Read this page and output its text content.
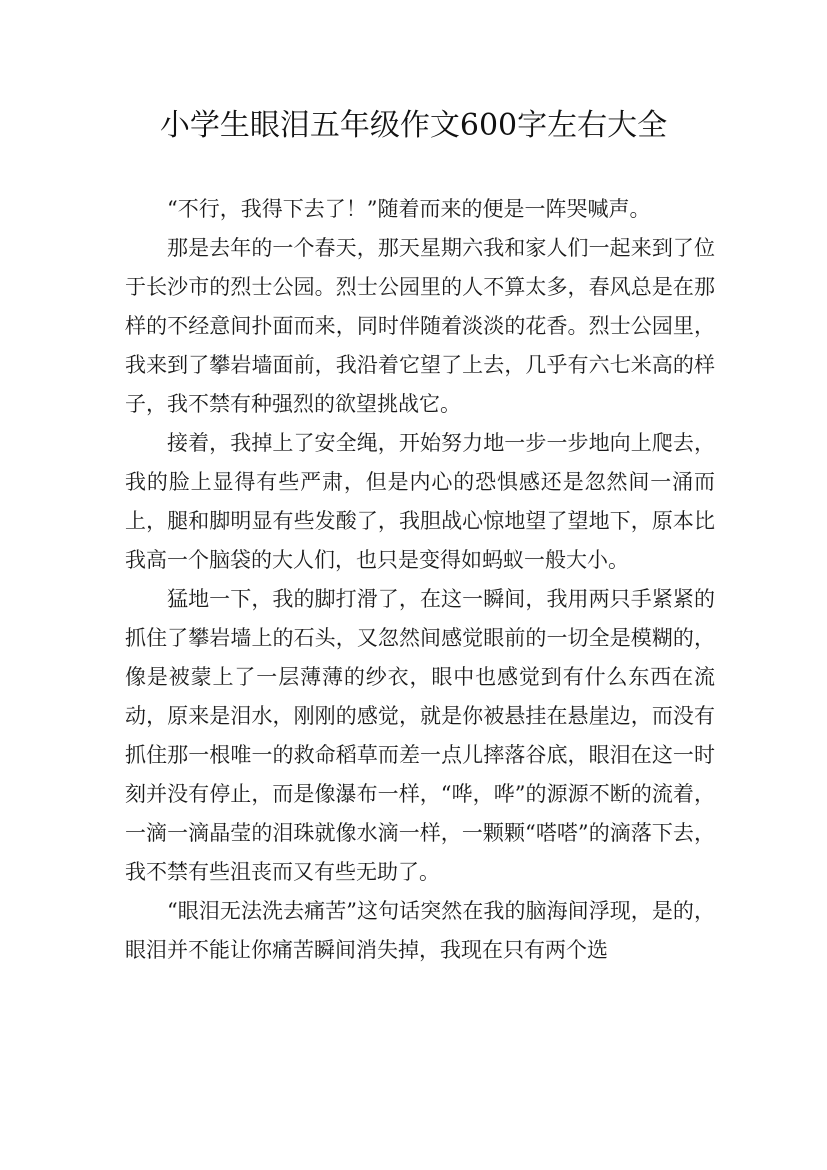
小学生眼泪五年级作文600字左右大全

“不行，我得下去了！”随着而来的便是一阵哭喊声。

那是去年的一个春天，那天星期六我和家人们一起来到了位于长沙市的烈士公园。烈士公园里的人不算太多，春风总是在那样的不经意间扑面而来，同时伴随着淡淡的花香。烈士公园里，我来到了攀岩墙面前，我沿着它望了上去，几乎有六七米高的样子，我不禁有种强烈的欲望挑战它。

接着，我掉上了安全绳，开始努力地一步一步地向上爬去，我的脸上显得有些严肃，但是内心的恐惧感还是忽然间一涌而上，腿和脚明显有些发酸了，我胆战心惊地望了望地下，原本比我高一个脑袋的大人们，也只是变得如蚂蚁一般大小。

猛地一下，我的脚打滑了，在这一瞬间，我用两只手紧紧的抓住了攀岩墙上的石头，又忽然间感觉眼前的一切全是模糊的，像是被蒙上了一层薄薄的纱衣，眼中也感觉到有什么东西在流动，原来是泪水，刚刚的感觉，就是你被悬挂在悬崖边，而没有抓住那一根唯一的救命稻草而差一点儿摔落谷底，眼泪在这一时刻并没有停止，而是像瀑布一样，“哗，哗”的源源不断的流着，一滴一滴晶莹的泪珠就像水滴一样，一颗颗“嗒嗒”的滴落下去，我不禁有些沮丧而又有些无助了。

“眼泪无法洗去痛苦”这句话突然在我的脑海间浮现，是的，眼泪并不能让你痛苦瞬间消失掉，我现在只有两个选
